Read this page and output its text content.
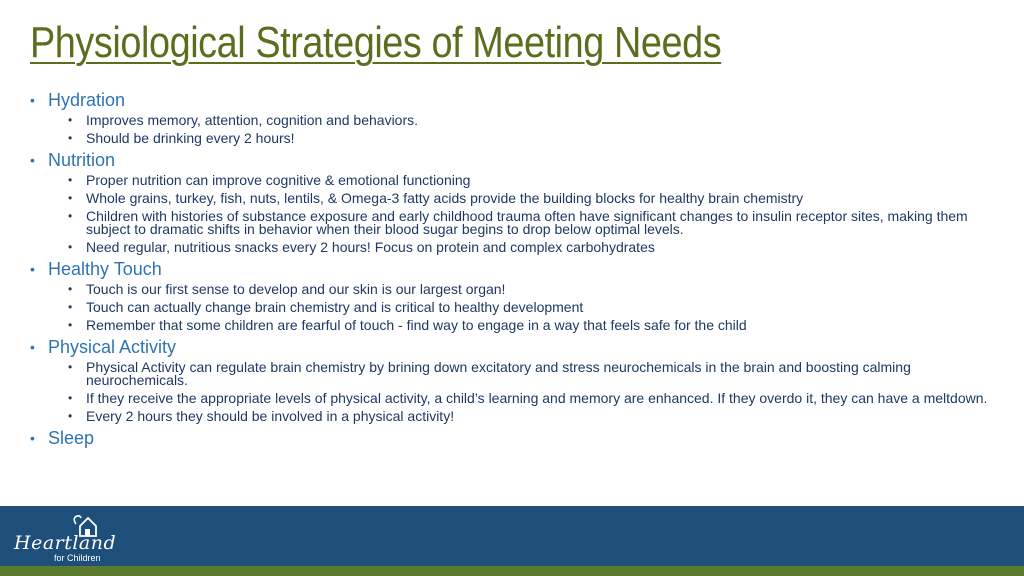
Physiological Strategies of Meeting Needs
• Hydration
• Improves memory, attention, cognition and behaviors.
• Should be drinking every 2 hours!
• Nutrition
• Proper nutrition can improve cognitive & emotional functioning
• Whole grains, turkey, fish, nuts, lentils, & Omega-3 fatty acids provide the building blocks for healthy brain chemistry
• Children with histories of substance exposure and early childhood trauma often have significant changes to insulin receptor sites, making them subject to dramatic shifts in behavior when their blood sugar begins to drop below optimal levels.
• Need regular, nutritious snacks every 2 hours! Focus on protein and complex carbohydrates
• Healthy Touch
• Touch is our first sense to develop and our skin is our largest organ!
• Touch can actually change brain chemistry and is critical to healthy development
• Remember that some children are fearful of touch - find way to engage in a way that feels safe for the child
• Physical Activity
• Physical Activity can regulate brain chemistry by brining down excitatory and stress neurochemicals in the brain and boosting calming neurochemicals.
• If they receive the appropriate levels of physical activity, a child’s learning and memory are enhanced. If they overdo it, they can have a meltdown.
• Every 2 hours they should be involved in a physical activity!
• Sleep
Heartland
for Children
